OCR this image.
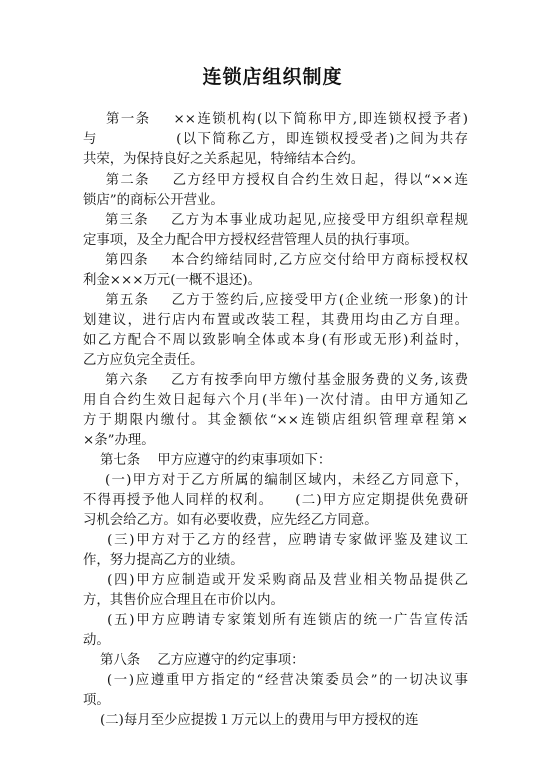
连锁店组织制度
第一条    ××连锁机构(以下简称甲方,即连锁权授予者)
与              (以下简称乙方，即连锁权授受者)之间为共存
共荣，为保持良好之关系起见，特缔结本合约。
第二条    乙方经甲方授权自合约生效日起，得以“××连
锁店”的商标公开营业。
第三条    乙方为本事业成功起见,应接受甲方组织章程规
定事项，及全力配合甲方授权经营管理人员的执行事项。
第四条    本合约缔结同时,乙方应交付给甲方商标授权权
利金×××万元(一概不退还)。
第五条    乙方于签约后,应接受甲方(企业统一形象)的计
划建议，进行店内布置或改装工程，其费用均由乙方自理。
如乙方配合不周以致影响全体或本身(有形或无形)利益时，
乙方应负完全责任。
第六条    乙方有按季向甲方缴付基金服务费的义务,该费
用自合约生效日起每六个月(半年)一次付清。由甲方通知乙
方于期限内缴付。其金额依“××连锁店组织管理章程第×
×条”办理。
第七条    甲方应遵守的约束事项如下：
(一)甲方对于乙方所属的编制区域内，未经乙方同意下，
不得再授予他人同样的权利。    (二)甲方应定期提供免费研
习机会给乙方。如有必要收费，应先经乙方同意。
(三)甲方对于乙方的经营，应聘请专家做评鉴及建议工
作，努力提高乙方的业绩。
(四)甲方应制造或开发采购商品及营业相关物品提供乙
方，其售价应合理且在市价以内。
(五)甲方应聘请专家策划所有连锁店的统一广告宣传活
动。
第八条    乙方应遵守的约定事项：
(一)应遵重甲方指定的“经营决策委员会”的一切决议事
项。
(二)每月至少应提拨１万元以上的费用与甲方授权的连
